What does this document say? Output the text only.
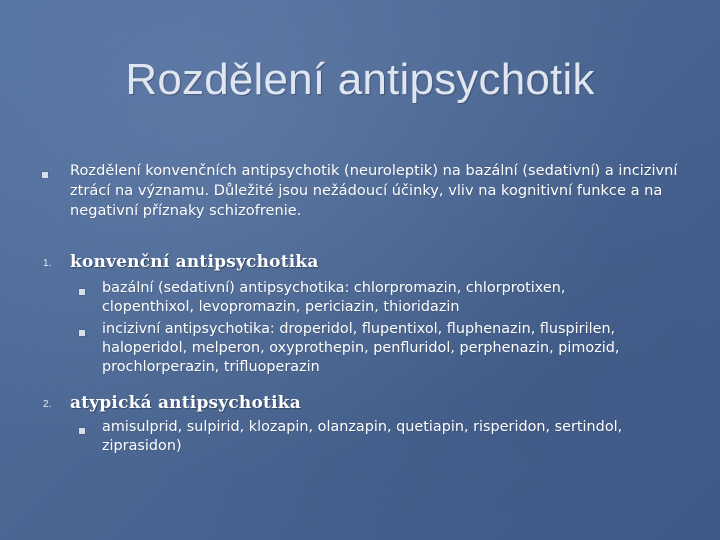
Rozdělení antipsychotik
Rozdělení konvenčních antipsychotik (neuroleptik) na bazální (sedativní) a incizivní ztrácí na významu. Důležité jsou nežádoucí účinky, vliv na kognitivní funkce a na negativní příznaky schizofrenie.
1. konvenční antipsychotika
bazální (sedativní) antipsychotika: chlorpromazin, chlorprotixen, clopenthixol, levopromazin, periciazin, thioridazin
incizivní antipsychotika: droperidol, flupentixol, fluphenazin, fluspirilen, haloperidol, melperon, oxyprothepin, penfluridol, perphenazin, pimozid, prochlorperazin, trifluoperazin
2. atypická antipsychotika
amisulprid, sulpirid, klozapin, olanzapin, quetiapin, risperidon, sertindol, ziprasidon)
